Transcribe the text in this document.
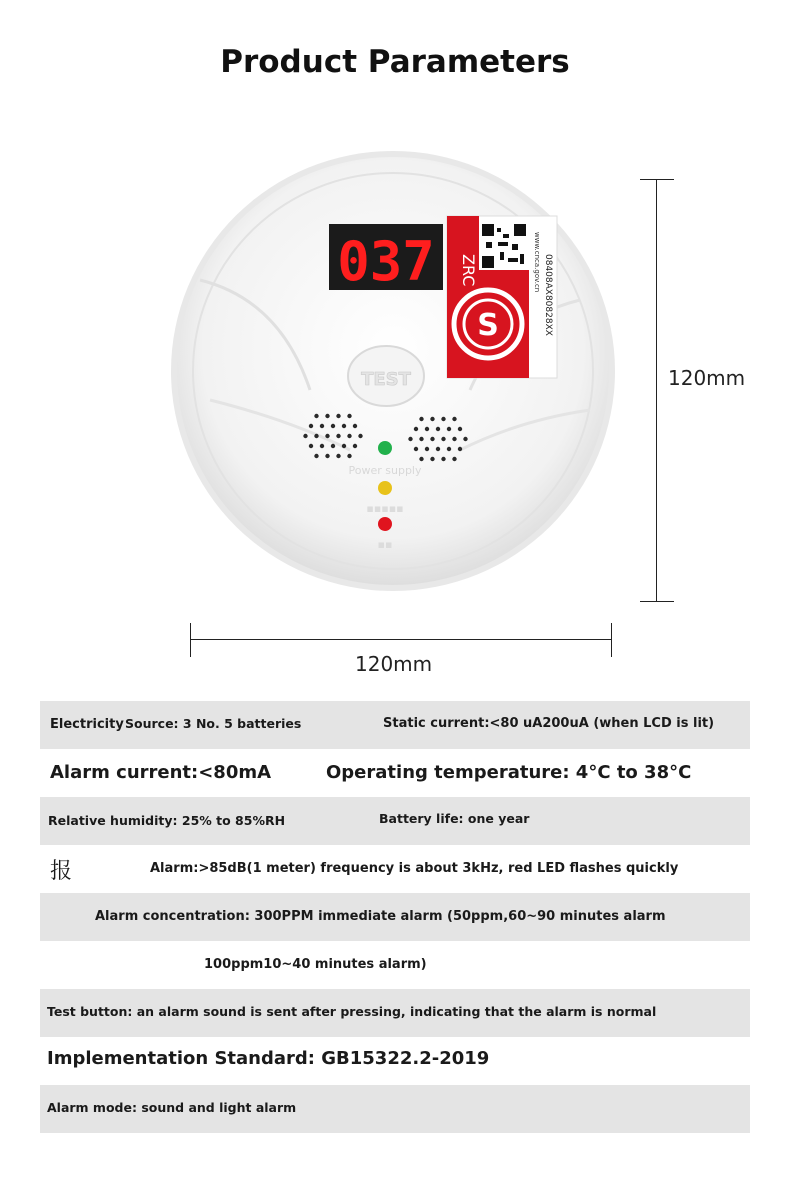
Product Parameters
037 ZRC	www.cnca.gov.cn 08408AX80828XX
S
TEST
Power supply
▪▪▪▪▪
▪▪
120mm
120mm
Electricity Source: 3 No. 5 batteries	Static current:<80 uA200uA (when LCD is lit)
Alarm current:<80mA	Operating temperature: 4°C to 38°C
Relative humidity: 25% to 85%RH	Battery life: one year
报	Alarm:>85dB(1 meter) frequency is about 3kHz, red LED flashes quickly
Alarm concentration: 300PPM immediate alarm (50ppm,60~90 minutes alarm
100ppm10~40 minutes alarm)
Test button: an alarm sound is sent after pressing, indicating that the alarm is normal
Implementation Standard: GB15322.2-2019
Alarm mode: sound and light alarm
